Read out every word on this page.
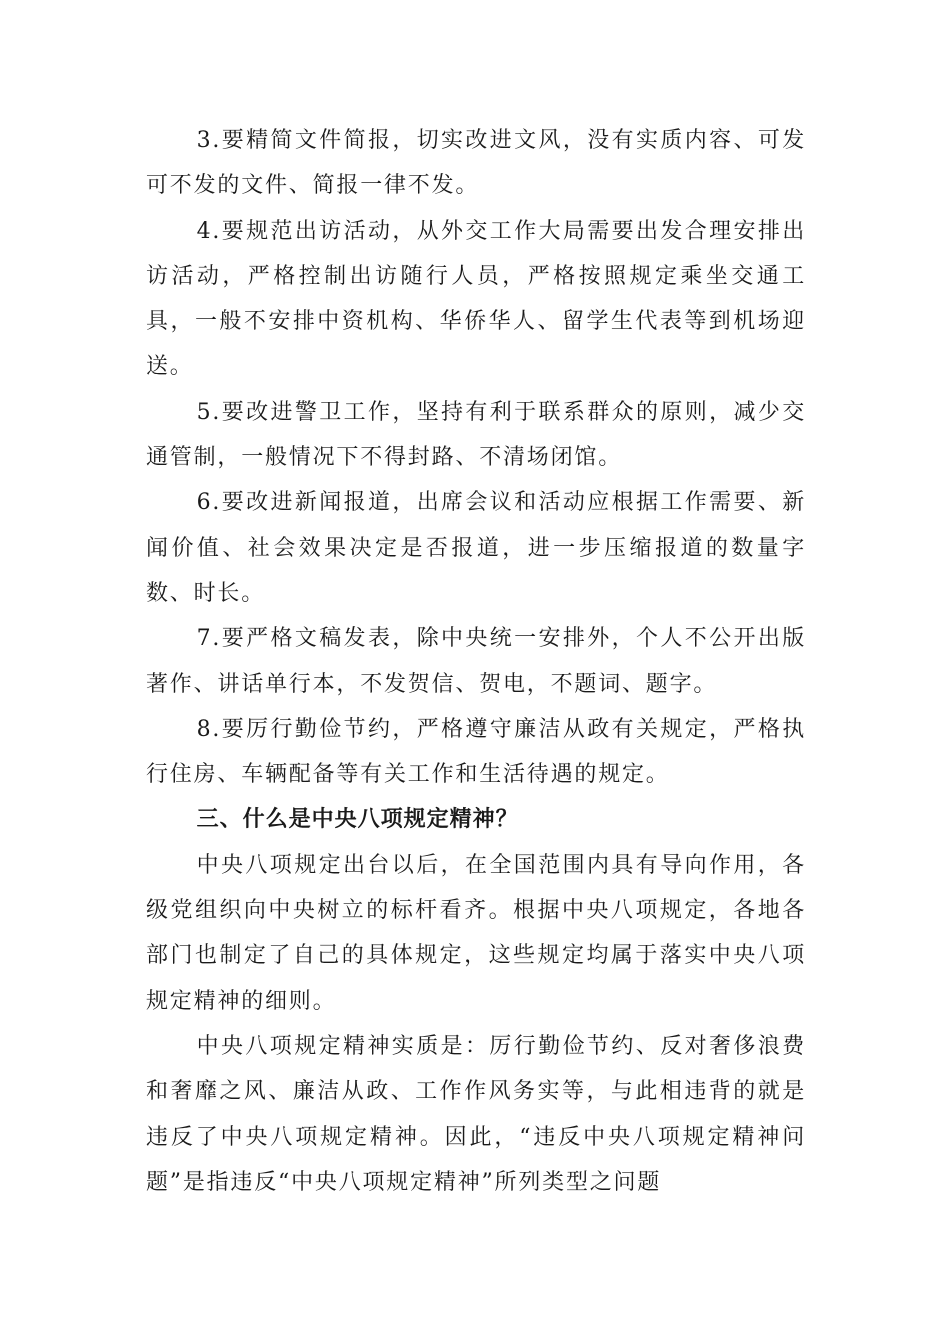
3.要精简文件简报，切实改进文风，没有实质内容、可发可不发的文件、简报一律不发。

4.要规范出访活动，从外交工作大局需要出发合理安排出访活动，严格控制出访随行人员，严格按照规定乘坐交通工具，一般不安排中资机构、华侨华人、留学生代表等到机场迎送。

5.要改进警卫工作，坚持有利于联系群众的原则，减少交通管制，一般情况下不得封路、不清场闭馆。

6.要改进新闻报道，出席会议和活动应根据工作需要、新闻价值、社会效果决定是否报道，进一步压缩报道的数量字数、时长。

7.要严格文稿发表，除中央统一安排外，个人不公开出版著作、讲话单行本，不发贺信、贺电，不题词、题字。

8.要厉行勤俭节约，严格遵守廉洁从政有关规定，严格执行住房、车辆配备等有关工作和生活待遇的规定。

三、什么是中央八项规定精神？

中央八项规定出台以后，在全国范围内具有导向作用，各级党组织向中央树立的标杆看齐。根据中央八项规定，各地各部门也制定了自己的具体规定，这些规定均属于落实中央八项规定精神的细则。

中央八项规定精神实质是：厉行勤俭节约、反对奢侈浪费和奢靡之风、廉洁从政、工作作风务实等，与此相违背的就是违反了中央八项规定精神。因此，“违反中央八项规定精神问题”是指违反“中央八项规定精神”所列类型之问题
